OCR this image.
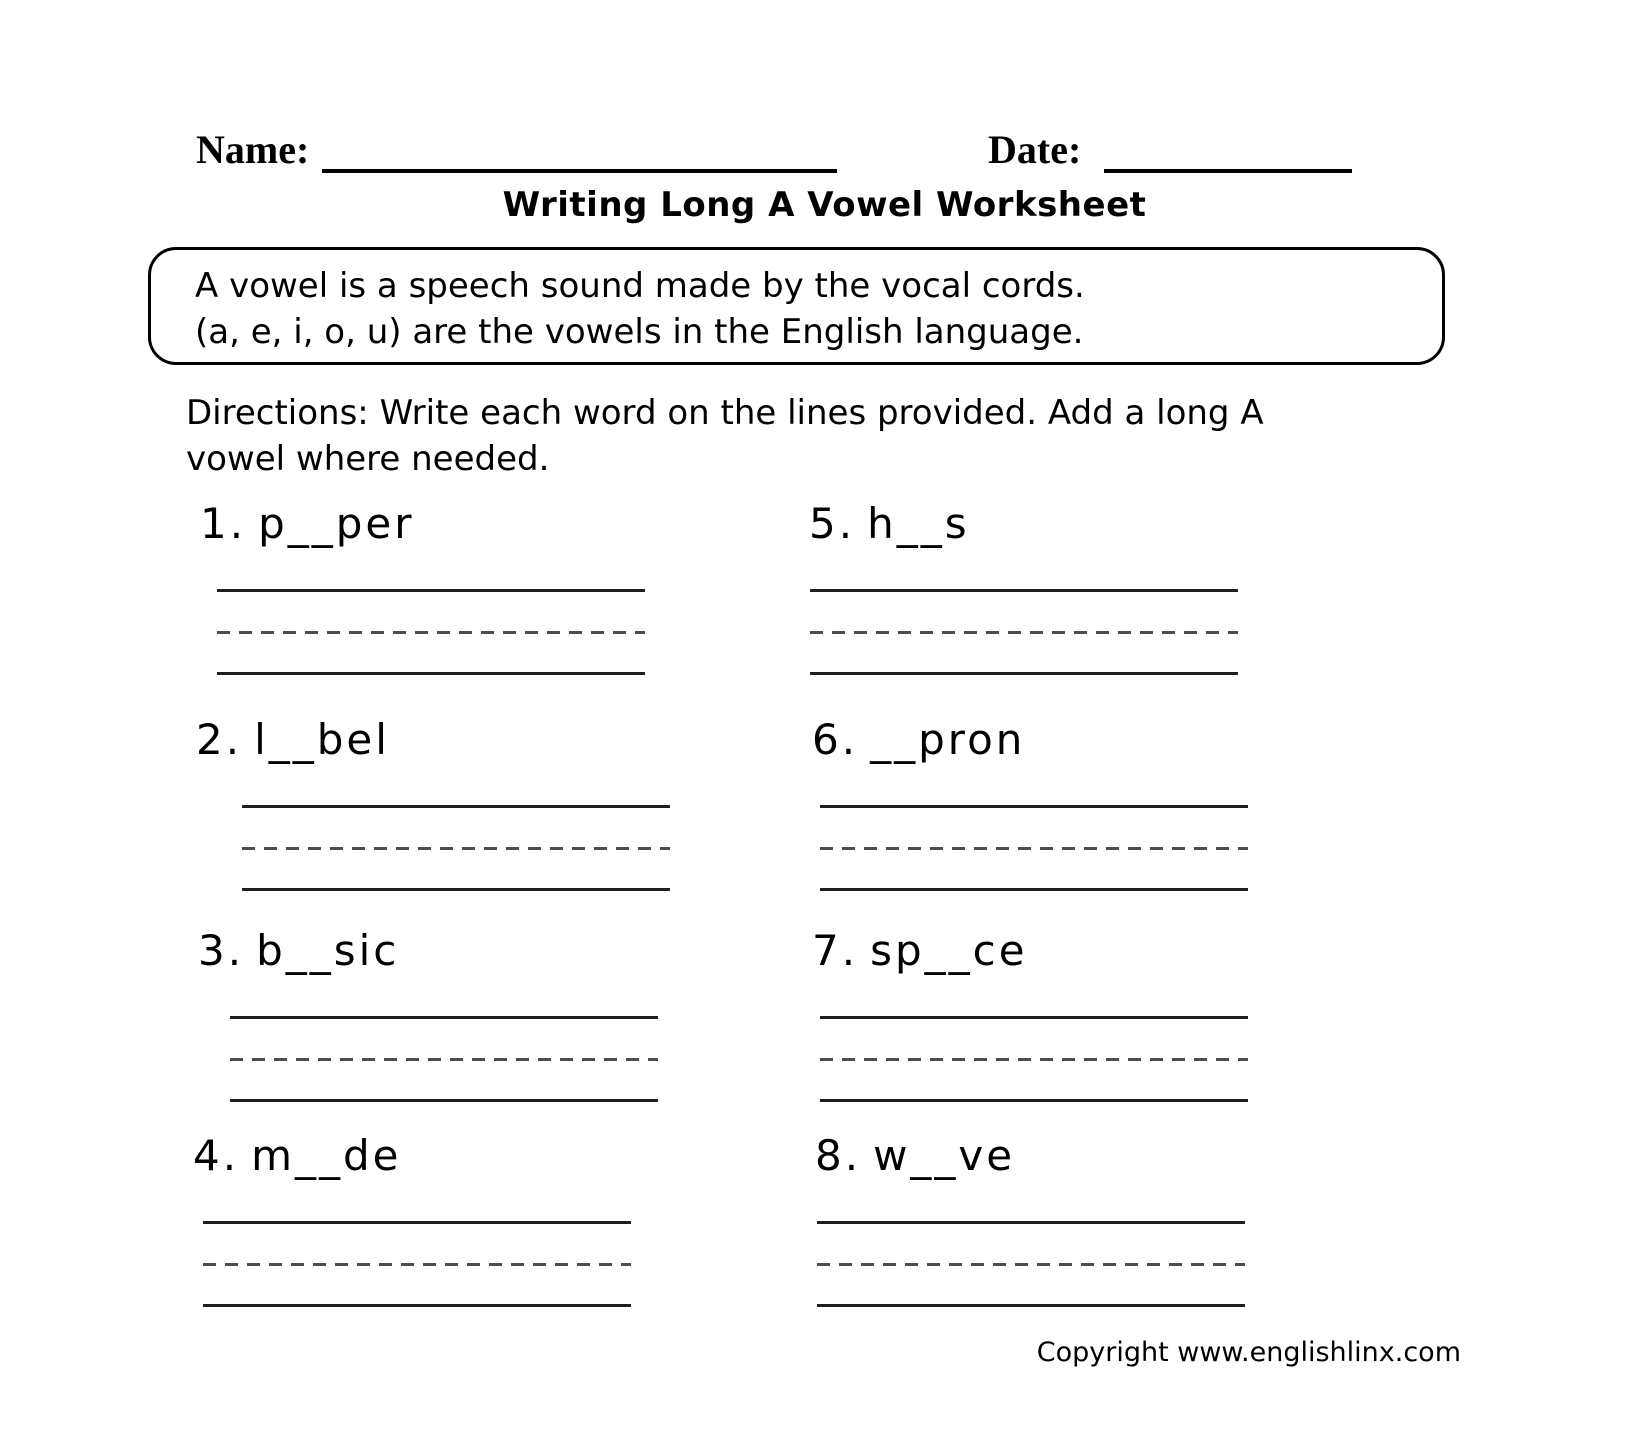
Name:	Date:
Writing Long A Vowel Worksheet
A vowel is a speech sound made by the vocal cords.
(a, e, i, o, u) are the vowels in the English language.
Directions: Write each word on the lines provided. Add a long A
vowel where needed.
1. p__per
2. l__bel
3. b__sic
4. m__de
5. h__s
6. __pron
7. sp__ce
8. w__ve
Copyright www.englishlinx.com
